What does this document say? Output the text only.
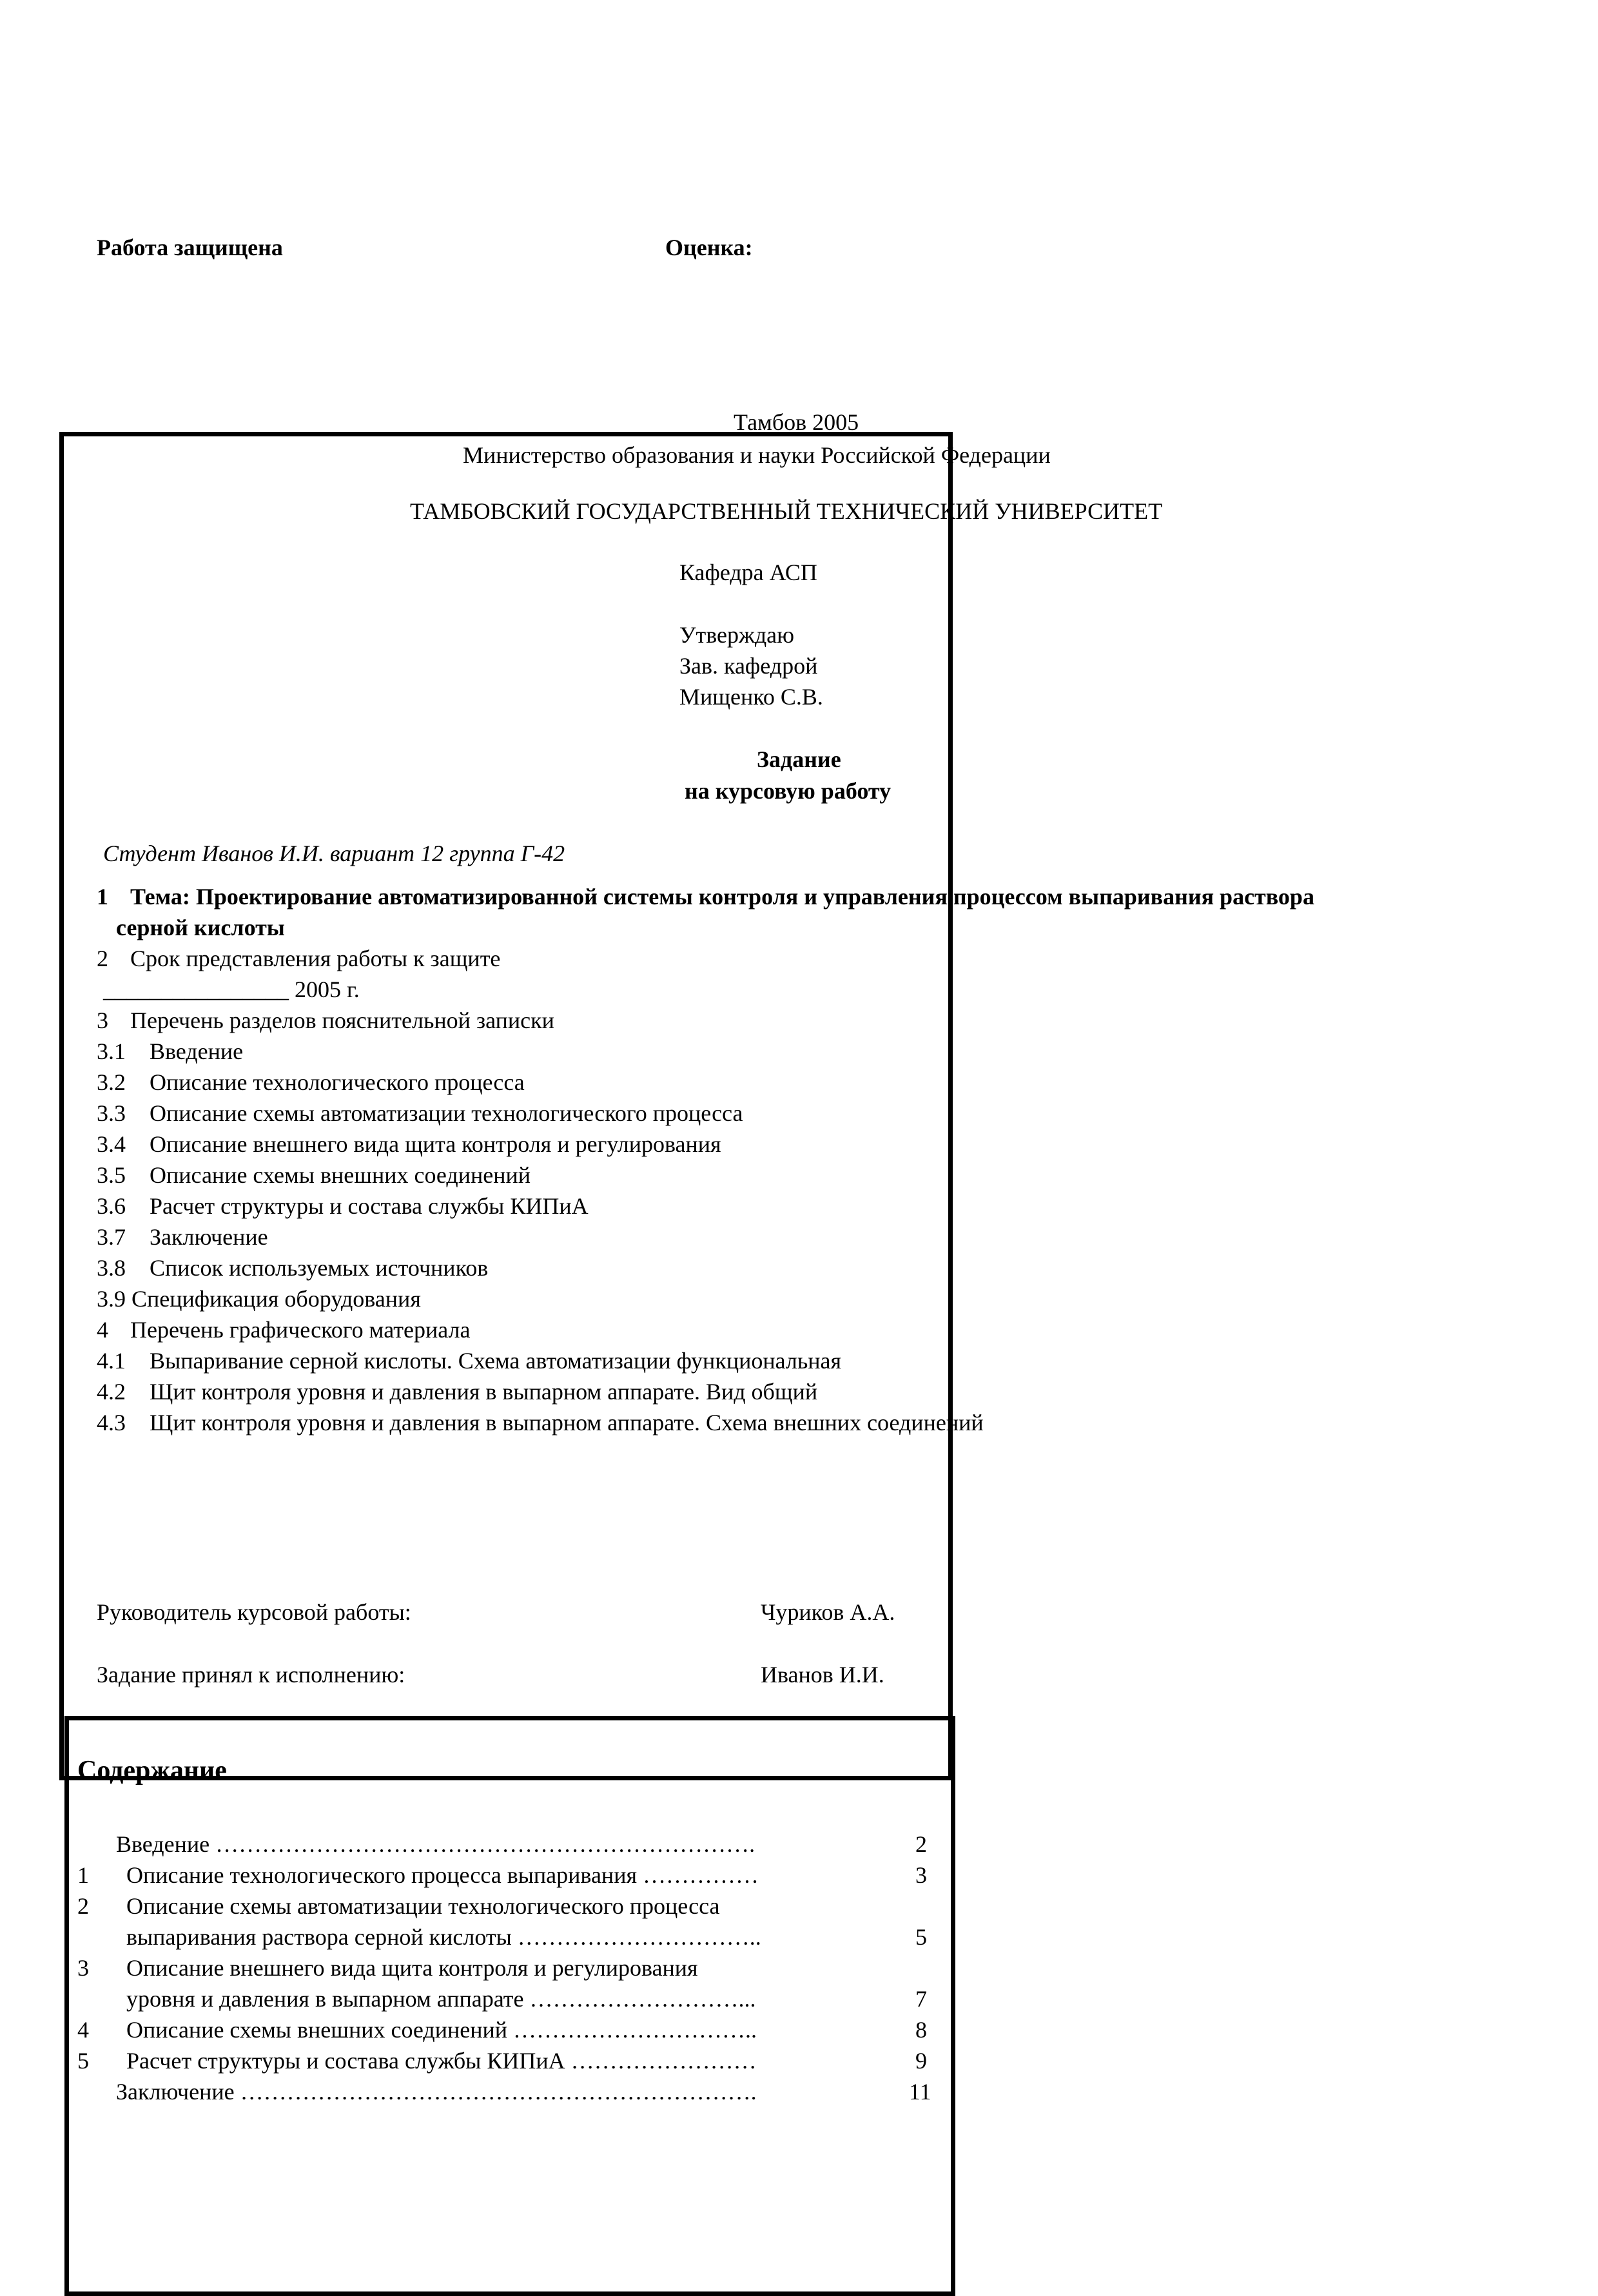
Работа защищена	Оценка:
Тамбов 2005
Министерство образования и науки Российской Федерации
ТАМБОВСКИЙ ГОСУДАРСТВЕННЫЙ ТЕХНИЧЕСКИЙ УНИВЕРСИТЕТ
Кафедра АСП
Утверждаю
Зав. кафедрой
Мищенко С.В.
Задание
на курсовую работу
Студент Иванов И.И. вариант 12 группа Г-42
1 Тема: Проектирование автоматизированной системы контроля и управления процессом выпаривания раствора
серной кислоты
2 Срок представления работы к защите
________________ 2005 г.
3 Перечень разделов пояснительной записки
3.1 Введение
3.2 Описание технологического процесса
3.3 Описание схемы автоматизации технологического процесса
3.4 Описание внешнего вида щита контроля и регулирования
3.5 Описание схемы внешних соединений
3.6 Расчет структуры и состава службы КИПиА
3.7 Заключение
3.8 Список используемых источников
3.9 Спецификация оборудования
4 Перечень графического материала
4.1 Выпаривание серной кислоты. Схема автоматизации функциональная
4.2 Щит контроля уровня и давления в выпарном аппарате. Вид общий
4.3 Щит контроля уровня и давления в выпарном аппарате. Схема внешних соединений
Руководитель курсовой работы:	Чуриков А.А.
Задание принял к исполнению:	Иванов И.И.
Содержание
Введение …………………………………………………………….	2
1 Описание технологического процесса выпаривания ……………	3
2 Описание схемы автоматизации технологического процесса
выпаривания раствора серной кислоты …………………………..	5
3 Описание внешнего вида щита контроля и регулирования
уровня и давления в выпарном аппарате ………………………...	7
4 Описание схемы внешних соединений …………………………..	8
5 Расчет структуры и состава службы КИПиА ……………………	9
Заключение ………………………………………………………….	11
